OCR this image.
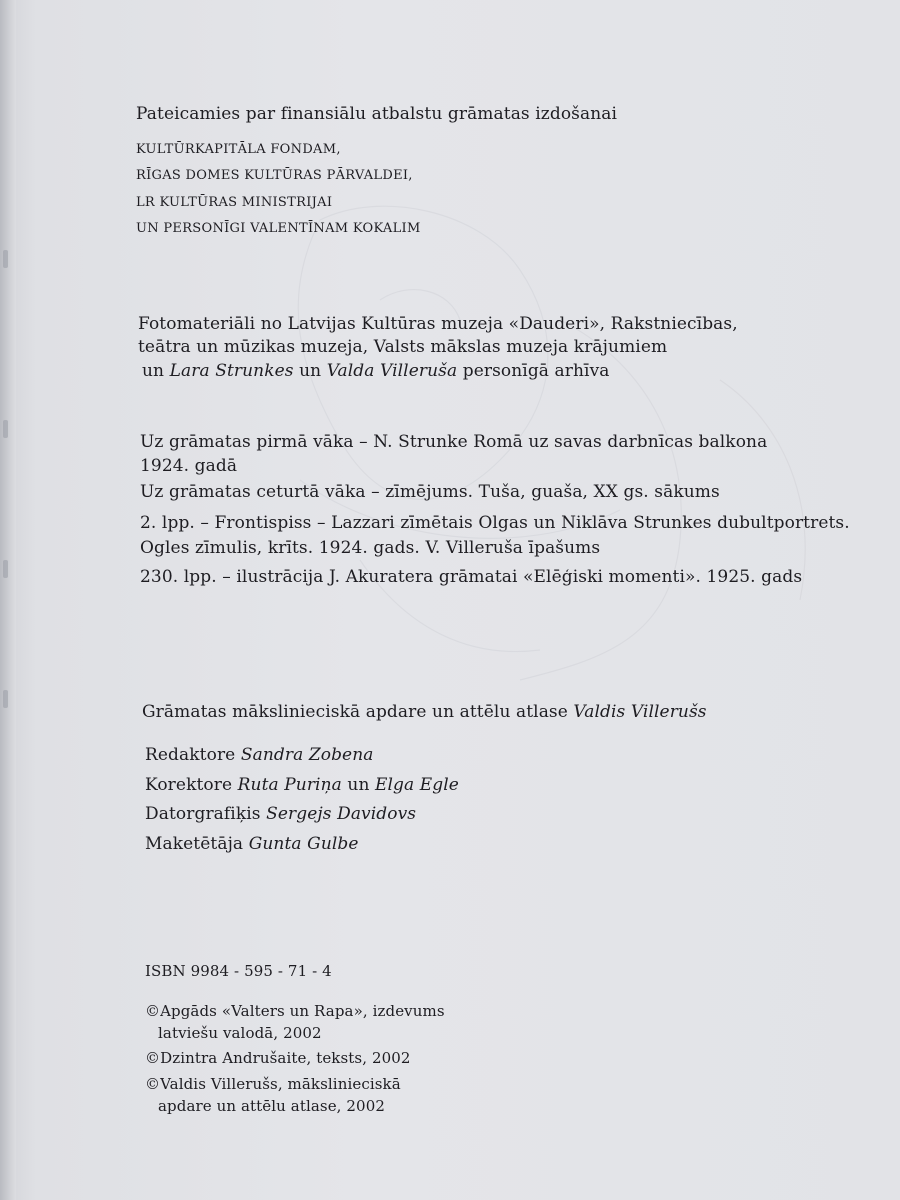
Pateicamies par finansiālu atbalstu grāmatas izdošanai
KULTŪRKAPITĀLA FONDAM,
RĪGAS DOMES KULTŪRAS PĀRVALDEI,
LR KULTŪRAS MINISTRIJAI
UN PERSONĪGI VALENTĪNAM KOKALIM
Fotomateriāli no Latvijas Kultūras muzeja «Dauderi», Rakstniecības,
teātra un mūzikas muzeja, Valsts mākslas muzeja krājumiem
un Lara Strunkes un Valda Villeruša personīgā arhīva
Uz grāmatas pirmā vāka – N. Strunke Romā uz savas darbnīcas balkona
1924. gadā
Uz grāmatas ceturtā vāka – zīmējums. Tuša, guaša, XX gs. sākums
2. lpp. – Frontispiss – Lazzari zīmētais Olgas un Niklāva Strunkes dubultportrets.
Ogles zīmulis, krīts. 1924. gads. V. Villeruša īpašums
230. lpp. – ilustrācija J. Akuratera grāmatai «Elēģiski momenti». 1925. gads
Grāmatas mākslinieciskā apdare un attēlu atlase Valdis Villerušs
Redaktore Sandra Zobena
Korektore Ruta Puriņa un Elga Egle
Datorgrafiķis Sergejs Davidovs
Maketētāja Gunta Gulbe
ISBN 9984 - 595 - 71 - 4
©Apgāds «Valters un Rapa», izdevums
latviešu valodā, 2002
©Dzintra Andrušaite, teksts, 2002
©Valdis Villerušs, mākslinieciskā
apdare un attēlu atlase, 2002
